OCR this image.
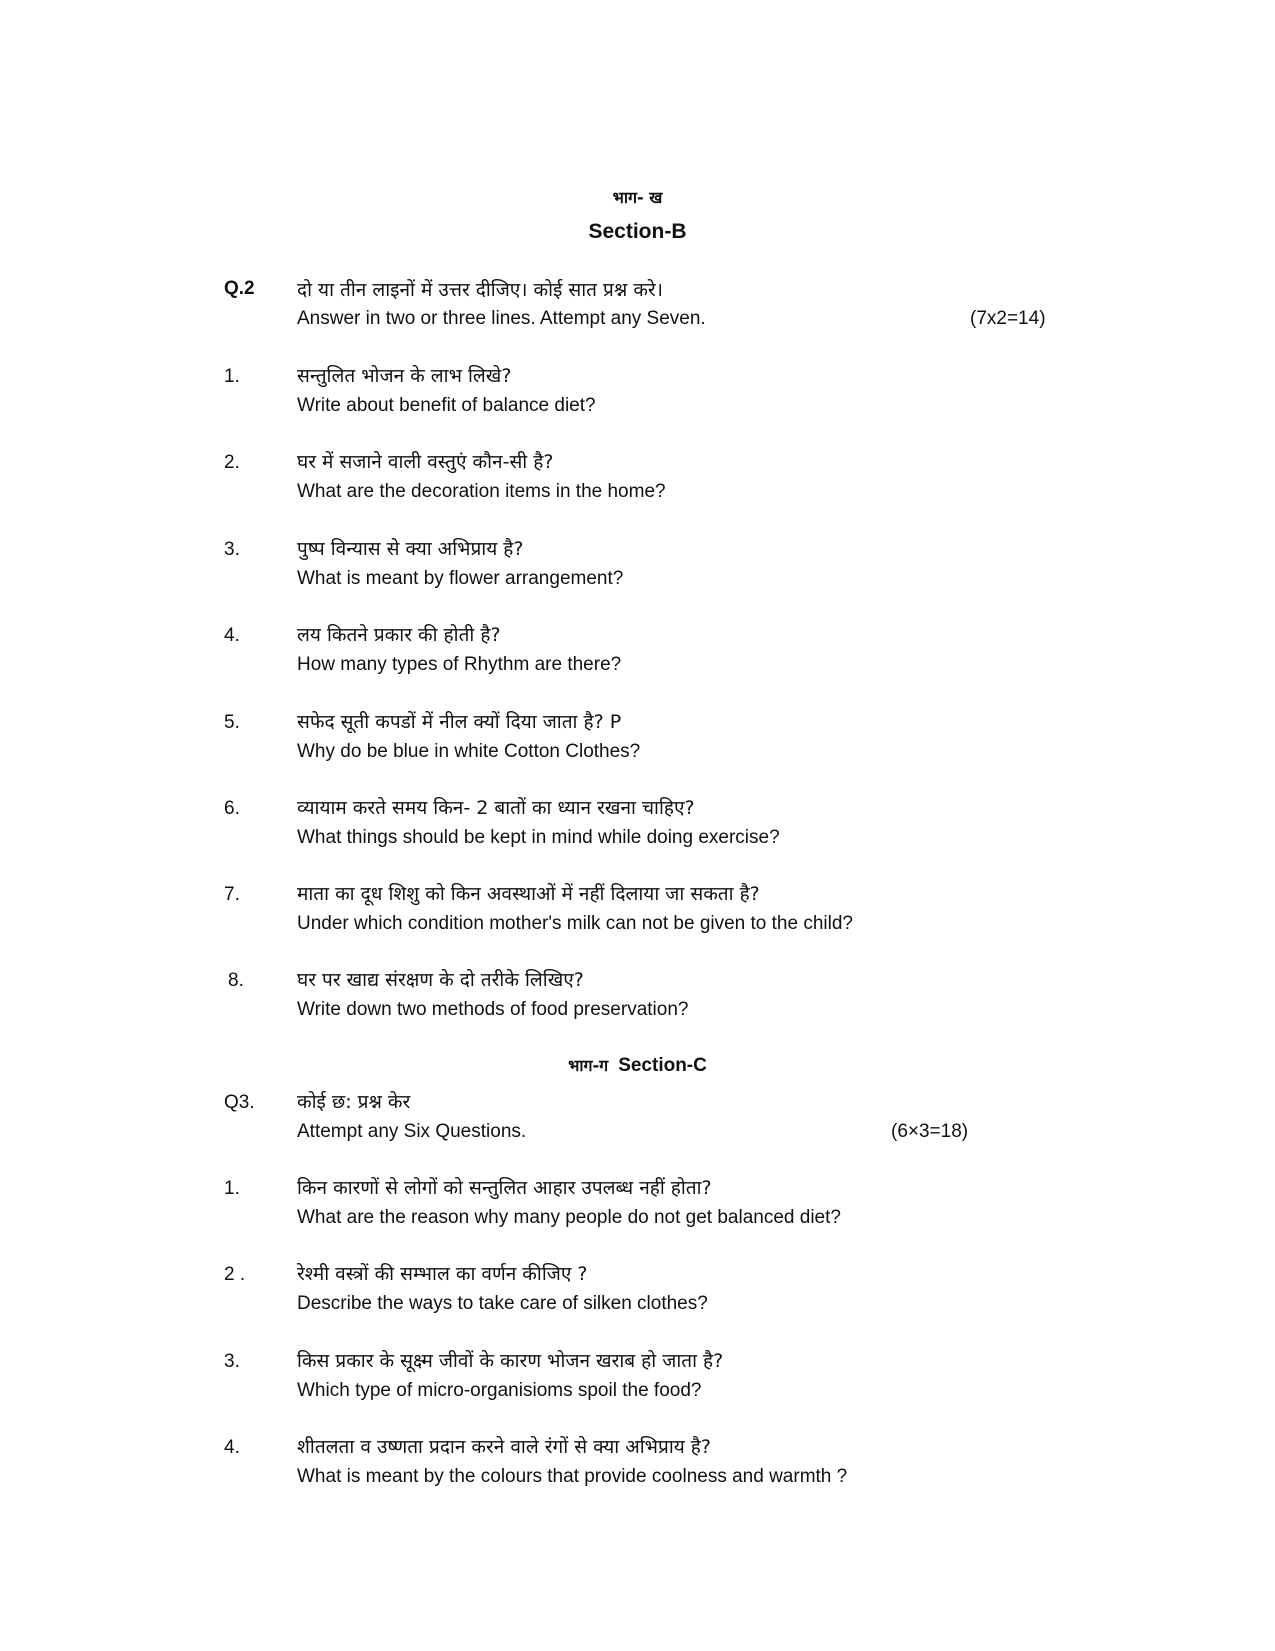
भाग- ख
Section-B
Q.2 दो या तीन लाइनों में उत्तर दीजिए। कोई सात प्रश्न करे।
Answer in two or three lines. Attempt any Seven.	(7x2=14)
1.	सन्तुलित भोजन के लाभ लिखे?
Write about benefit of balance diet?
2.	घर में सजाने वाली वस्तुएं कौन-सी है?
What are the decoration items in the home?
3.	पुष्प विन्यास से क्या अभिप्राय है?
What is meant by flower arrangement?
4.	लय कितने प्रकार की होती है?
How many types of Rhythm are there?
5.	सफेद सूती कपडों में नील क्यों दिया जाता है? P
Why do be blue in white Cotton Clothes?
6.	व्यायाम करते समय किन- 2 बातों का ध्यान रखना चाहिए?
What things should be kept in mind while doing exercise?
7.	माता का दूध शिशु को किन अवस्थाओं में नहीं दिलाया जा सकता है?
Under which condition mother's milk can not be given to the child?
8.	घर पर खाद्य संरक्षण के दो तरीके लिखिए?
Write down two methods of food preservation?
भाग-ग Section-C
Q3. कोई छ: प्रश्न केर
Attempt any Six Questions.	(6×3=18)
1.	किन कारणों से लोगों को सन्तुलित आहार उपलब्ध नहीं होता?
What are the reason why many people do not get balanced diet?
2 .	रेश्मी वस्त्रों की सम्भाल का वर्णन कीजिए ?
Describe the ways to take care of silken clothes?
3.	किस प्रकार के सूक्ष्म जीवों के कारण भोजन खराब हो जाता है?
Which type of micro-organisioms spoil the food?
4.	शीतलता व उष्णता प्रदान करने वाले रंगों से क्या अभिप्राय है?
What is meant by the colours that provide coolness and warmth ?
